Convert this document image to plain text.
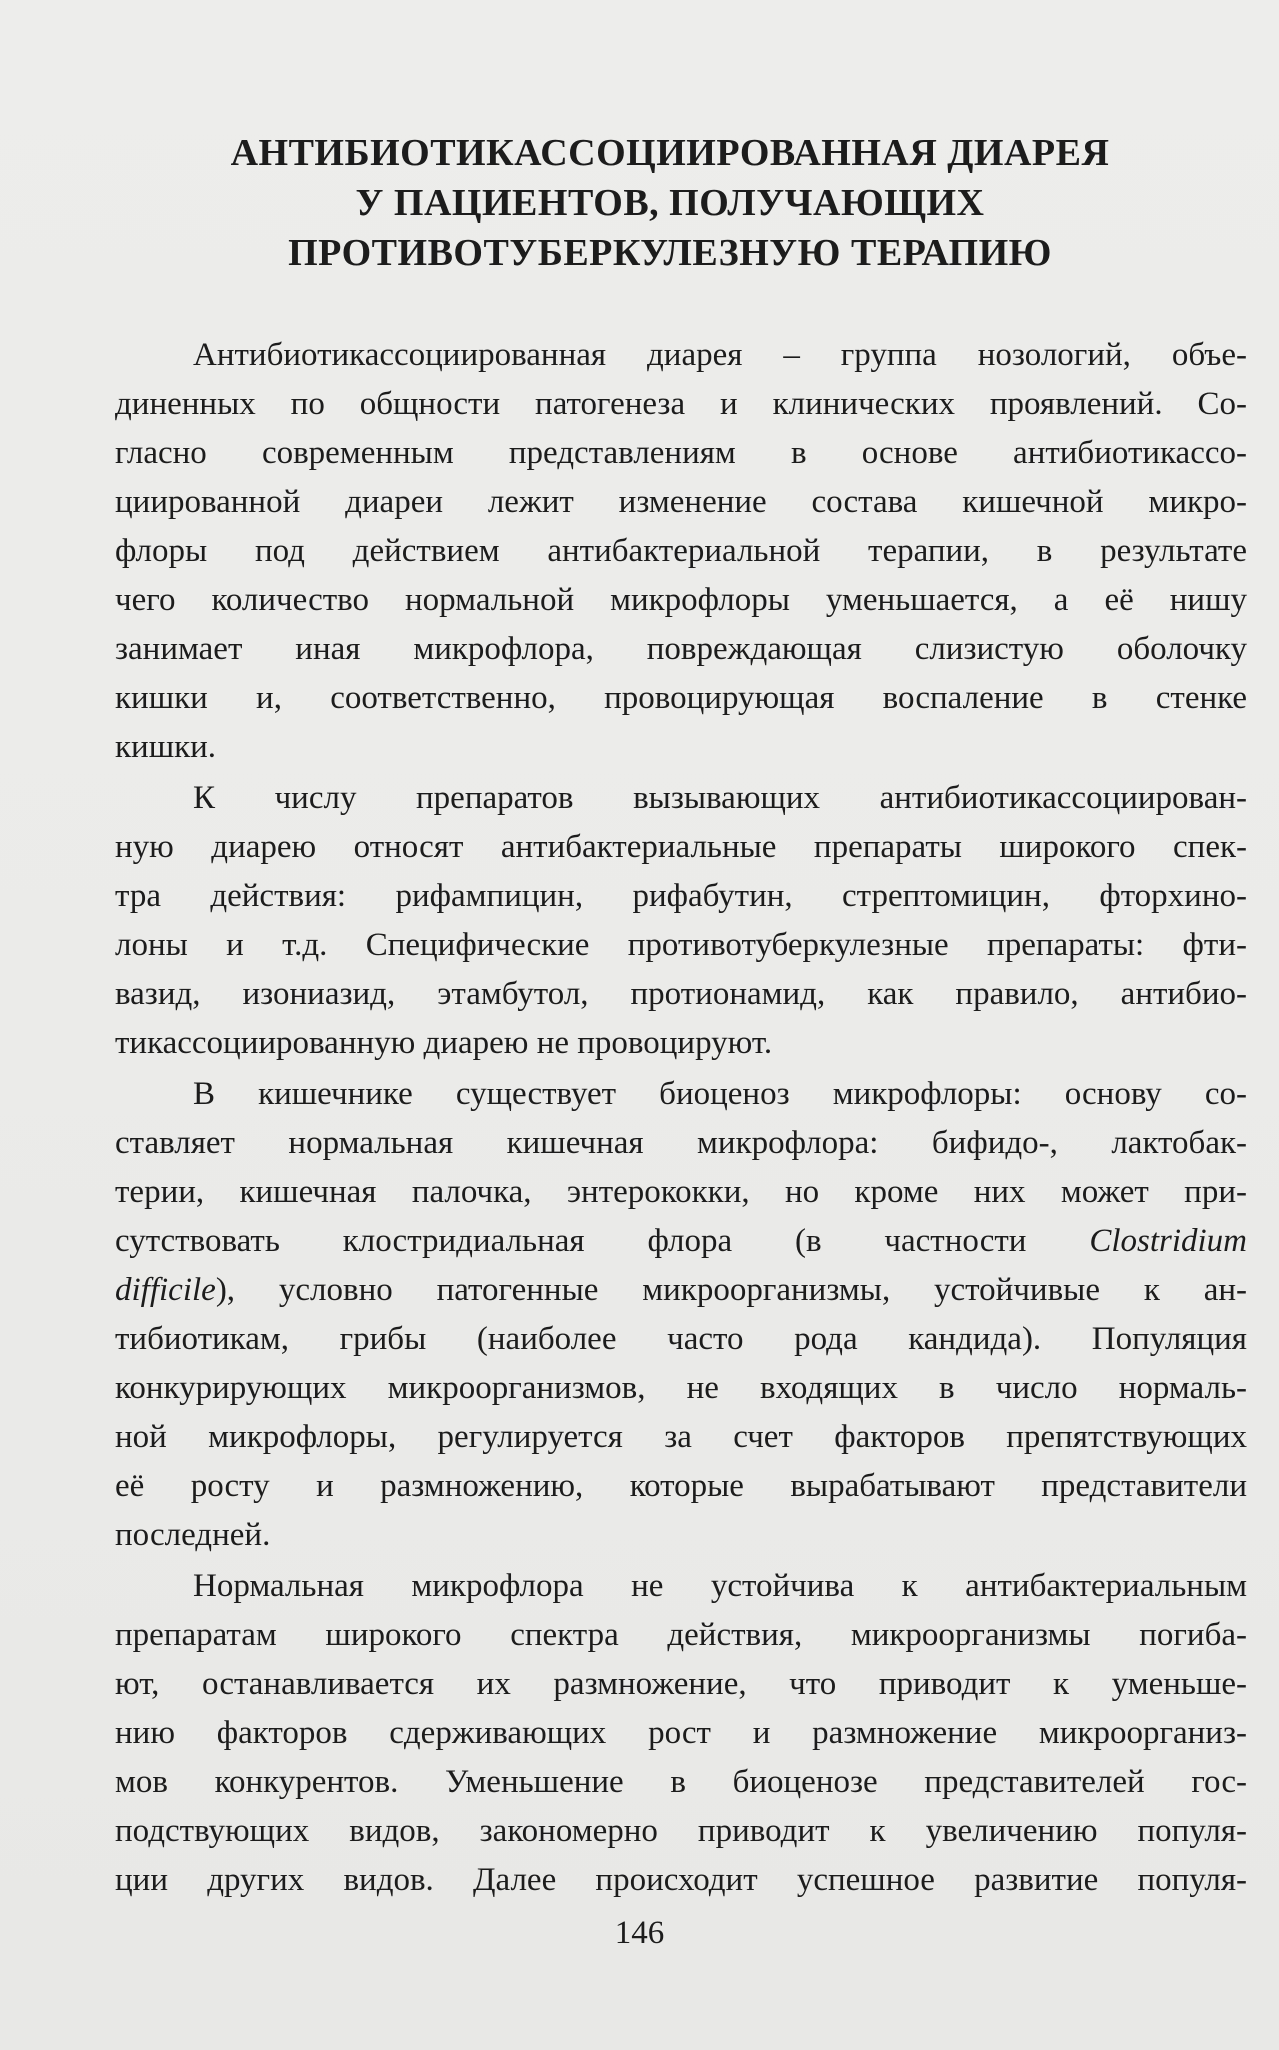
АНТИБИОТИКАССОЦИИРОВАННАЯ ДИАРЕЯ
У ПАЦИЕНТОВ, ПОЛУЧАЮЩИХ
ПРОТИВОТУБЕРКУЛЕЗНУЮ ТЕРАПИЮ
Антибиотикассоциированная диарея – группа нозологий, объе-
диненных по общности патогенеза и клинических проявлений. Со-
гласно современным представлениям в основе антибиотикассо-
циированной диареи лежит изменение состава кишечной микро-
флоры под действием антибактериальной терапии, в результате
чего количество нормальной микрофлоры уменьшается, а её нишу
занимает иная микрофлора, повреждающая слизистую оболочку
кишки и, соответственно, провоцирующая воспаление в стенке
кишки.
К числу препаратов вызывающих антибиотикассоциирован-
ную диарею относят антибактериальные препараты широкого спек-
тра действия: рифампицин, рифабутин, стрептомицин, фторхино-
лоны и т.д. Специфические противотуберкулезные препараты: фти-
вазид, изониазид, этамбутол, протионамид, как правило, антибио-
тикассоциированную диарею не провоцируют.
В кишечнике существует биоценоз микрофлоры: основу со-
ставляет нормальная кишечная микрофлора: бифидо-, лактобак-
терии, кишечная палочка, энтерококки, но кроме них может при-
сутствовать клостридиальная флора (в частности Clostridium
difficile), условно патогенные микроорганизмы, устойчивые к ан-
тибиотикам, грибы (наиболее часто рода кандида). Популяция
конкурирующих микроорганизмов, не входящих в число нормаль-
ной микрофлоры, регулируется за счет факторов препятствующих
её росту и размножению, которые вырабатывают представители
последней.
Нормальная микрофлора не устойчива к антибактериальным
препаратам широкого спектра действия, микроорганизмы погиба-
ют, останавливается их размножение, что приводит к уменьше-
нию факторов сдерживающих рост и размножение микроорганиз-
мов конкурентов. Уменьшение в биоценозе представителей гос-
подствующих видов, закономерно приводит к увеличению популя-
ции других видов. Далее происходит успешное развитие популя-
146
